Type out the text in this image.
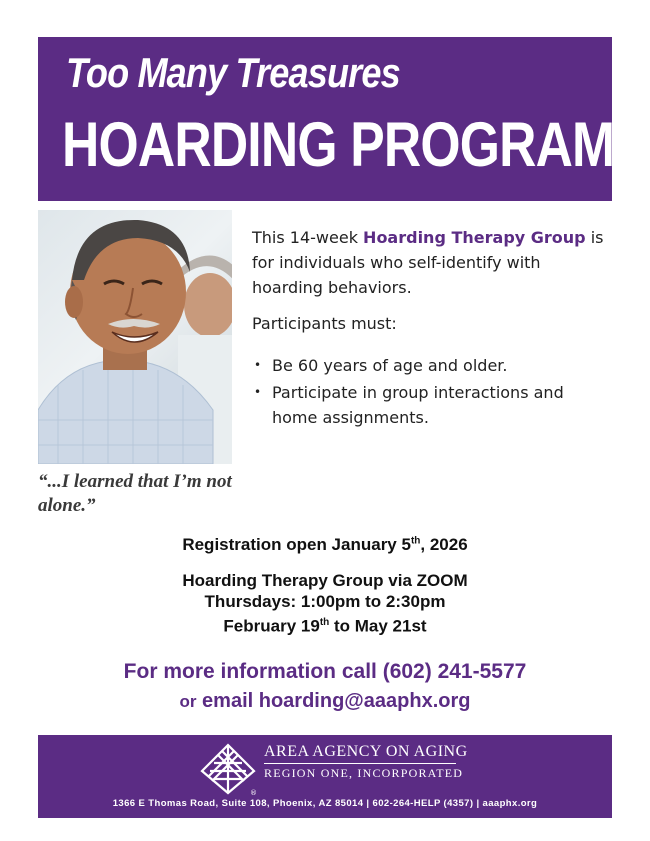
Too Many Treasures
HOARDING PROGRAM
“...I learned that I’m not alone.”
This 14-week Hoarding Therapy Group is for individuals who self-identify with hoarding behaviors.
Participants must:
• Be 60 years of age and older.
• Participate in group interactions and home assignments.
Registration open January 5th, 2026
Hoarding Therapy Group via ZOOM
Thursdays: 1:00pm to 2:30pm
February 19th to May 21st
For more information call (602) 241-5577
or email hoarding@aaaphx.org
®
AREA AGENCY ON AGING
REGION ONE, INCORPORATED
1366 E Thomas Road, Suite 108, Phoenix, AZ 85014 | 602-264-HELP (4357) | aaaphx.org
